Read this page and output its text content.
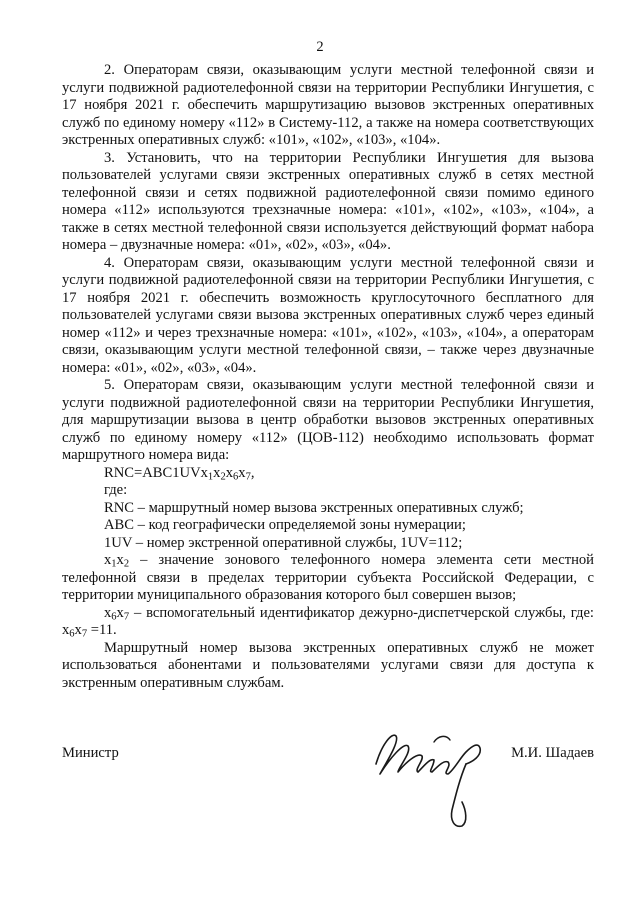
2

2. Операторам связи, оказывающим услуги местной телефонной связи и услуги подвижной радиотелефонной связи на территории Республики Ингушетия, с 17 ноября 2021 г. обеспечить маршрутизацию вызовов экстренных оперативных служб по единому номеру «112» в Систему-112, а также на номера соответствующих экстренных оперативных служб: «101», «102», «103», «104».

3. Установить, что на территории Республики Ингушетия для вызова пользователей услугами связи экстренных оперативных служб в сетях местной телефонной связи и сетях подвижной радиотелефонной связи помимо единого номера «112» используются трехзначные номера: «101», «102», «103», «104», а также в сетях местной телефонной связи используется действующий формат набора номера – двузначные номера: «01», «02», «03», «04».

4. Операторам связи, оказывающим услуги местной телефонной связи и услуги подвижной радиотелефонной связи на территории Республики Ингушетия, с 17 ноября 2021 г. обеспечить возможность круглосуточного бесплатного для пользователей услугами связи вызова экстренных оперативных служб через единый номер «112» и через трехзначные номера: «101», «102», «103», «104», а операторам связи, оказывающим услуги местной телефонной связи, – также через двузначные номера: «01», «02», «03», «04».

5. Операторам связи, оказывающим услуги местной телефонной связи и услуги подвижной радиотелефонной связи на территории Республики Ингушетия, для маршрутизации вызова в центр обработки вызовов экстренных оперативных служб по единому номеру «112» (ЦОВ-112) необходимо использовать формат маршрутного номера вида:

RNC=ABC1UVx1x2x6x7,

где:

RNC – маршрутный номер вызова экстренных оперативных служб;

ABC – код географически определяемой зоны нумерации;

1UV – номер экстренной оперативной службы, 1UV=112;

x1x2 – значение зонового телефонного номера элемента сети местной телефонной связи в пределах территории субъекта Российской Федерации, с территории муниципального образования которого был совершен вызов;

x6x7 – вспомогательный идентификатор дежурно-диспетчерской службы, где: x6x7 =11.

Маршрутный номер вызова экстренных оперативных служб не может использоваться абонентами и пользователями услугами связи для доступа к экстренным оперативным службам.

Министр	М.И. Шадаев
